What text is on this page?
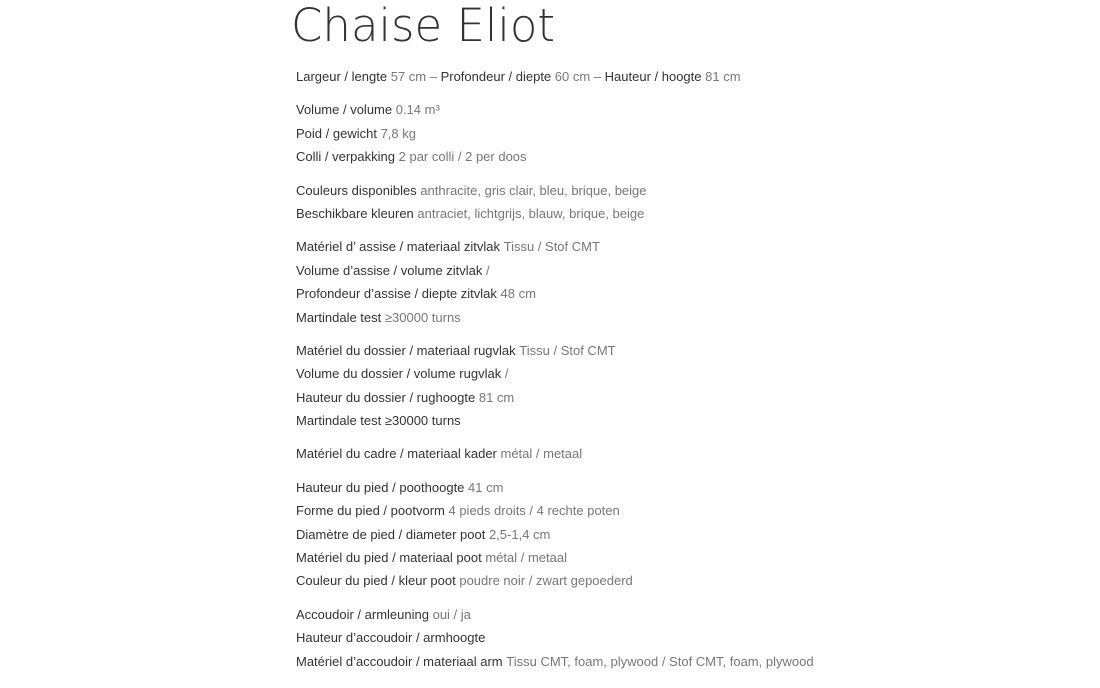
Chaise Eliot
Largeur / lengte 57 cm – Profondeur / diepte 60 cm – Hauteur / hoogte 81 cm
Volume / volume 0.14 m³
Poid / gewicht 7,8 kg
Colli / verpakking 2 par colli / 2 per doos
Couleurs disponibles anthracite, gris clair, bleu, brique, beige
Beschikbare kleuren antraciet, lichtgrijs, blauw, brique, beige
Matériel d’ assise / materiaal zitvlak Tissu / Stof CMT
Volume d’assise / volume zitvlak /
Profondeur d’assise / diepte zitvlak 48 cm
Martindale test ≥30000 turns
Matériel du dossier / materiaal rugvlak Tissu / Stof CMT
Volume du dossier / volume rugvlak /
Hauteur du dossier / rughoogte 81 cm
Martindale test ≥30000 turns
Matériel du cadre / materiaal kader métal / metaal
Hauteur du pied / poothoogte 41 cm
Forme du pied / pootvorm 4 pieds droits / 4 rechte poten
Diamètre de pied / diameter poot 2,5-1,4 cm
Matériel du pied / materiaal poot métal / metaal
Couleur du pied / kleur poot poudre noir / zwart gepoederd
Accoudoir / armleuning oui / ja
Hauteur d’accoudoir / armhoogte
Matériel d’accoudoir / materiaal arm Tissu CMT, foam, plywood / Stof CMT, foam, plywood
